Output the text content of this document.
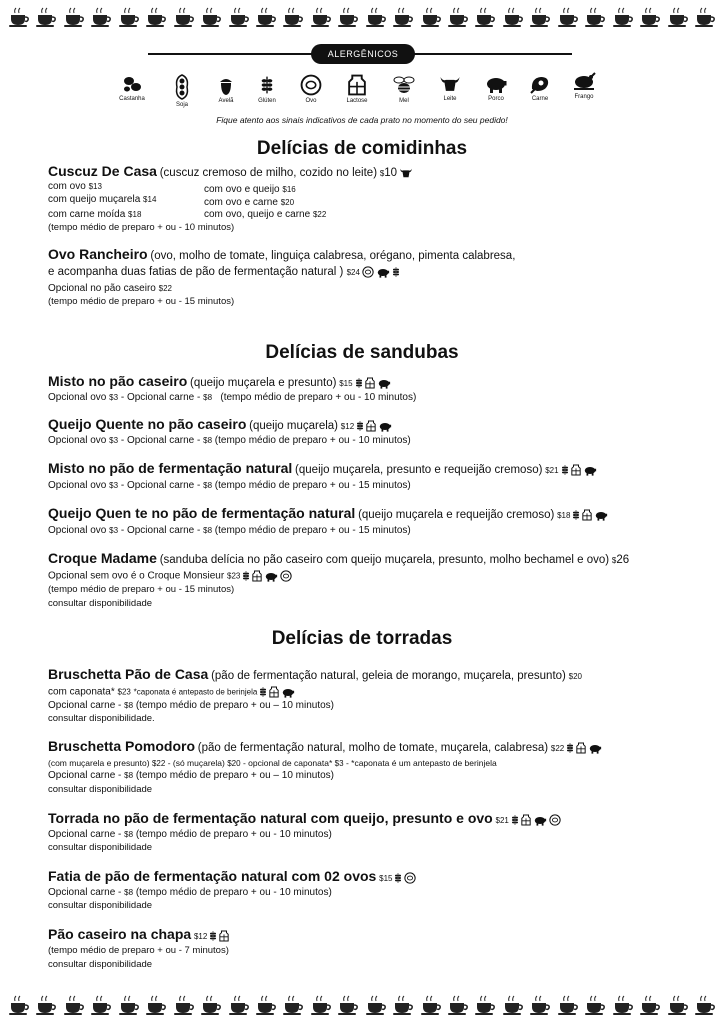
ALERGÊNICOS
Castanha
Soja
Avelã	Glúten	Ovo	Lactose	Mel	Leite	Porco	Carne	Frango
Fique atento aos sinais indicativos de cada prato no momento do seu pedido!
Delícias de comidinhas
Cuscuz De Casa (cuscuz cremoso de milho, cozido no leite) $10
com ovo $13
com queijo muçarela $14
com carne moída $18
com ovo e queijo $16
com ovo e carne $20
com ovo, queijo e carne $22
(tempo médio de preparo + ou - 10 minutos)
Ovo Rancheiro (ovo, molho de tomate, linguiça calabresa, orégano, pimenta calabresa,
e acompanha duas fatias de pão de fermentação natural ) $24
Opcional no pão caseiro $22
(tempo médio de preparo + ou - 15 minutos)
Delícias de sandubas
Misto no pão caseiro (queijo muçarela e presunto) $15
Opcional ovo $3 - Opcional carne - $8 (tempo médio de preparo + ou - 10 minutos)
Queijo Quente no pão caseiro (queijo muçarela) $12
Opcional ovo $3 - Opcional carne - $8 (tempo médio de preparo + ou - 10 minutos)
Misto no pão de fermentação natural (queijo muçarela, presunto e requeijão cremoso) $21
Opcional ovo $3 - Opcional carne - $8 (tempo médio de preparo + ou - 15 minutos)
Queijo Quen te no pão de fermentação natural (queijo muçarela e requeijão cremoso) $18
Opcional ovo $3 - Opcional carne - $8 (tempo médio de preparo + ou - 15 minutos)
Croque Madame (sanduba delícia no pão caseiro com queijo muçarela, presunto, molho bechamel e ovo) $26
Opcional sem ovo é o Croque Monsieur $23
(tempo médio de preparo + ou - 15 minutos)
consultar disponibilidade
Delícias de torradas
Bruschetta Pão de Casa (pão de fermentação natural, geleia de morango, muçarela, presunto) $20
com caponata* $23 *caponata é antepasto de berinjela
Opcional carne - $8 (tempo médio de preparo + ou – 10 minutos)
consultar disponibilidade.
Bruschetta Pomodoro (pão de fermentação natural, molho de tomate, muçarela, calabresa) $22
(com muçarela e presunto) $22 - (só muçarela) $20 - opcional de caponata* $3 - *caponata é um antepasto de berinjela
Opcional carne - $8 (tempo médio de preparo + ou – 10 minutos)
consultar disponibilidade
Torrada no pão de fermentação natural com queijo, presunto e ovo $21
Opcional carne - $8 (tempo médio de preparo + ou - 10 minutos)
consultar disponibilidade
Fatia de pão de fermentação natural com 02 ovos $15
Opcional carne - $8 (tempo médio de preparo + ou - 10 minutos)
consultar disponibilidade
Pão caseiro na chapa $12
(tempo médio de preparo + ou - 7 minutos)
consultar disponibilidade
